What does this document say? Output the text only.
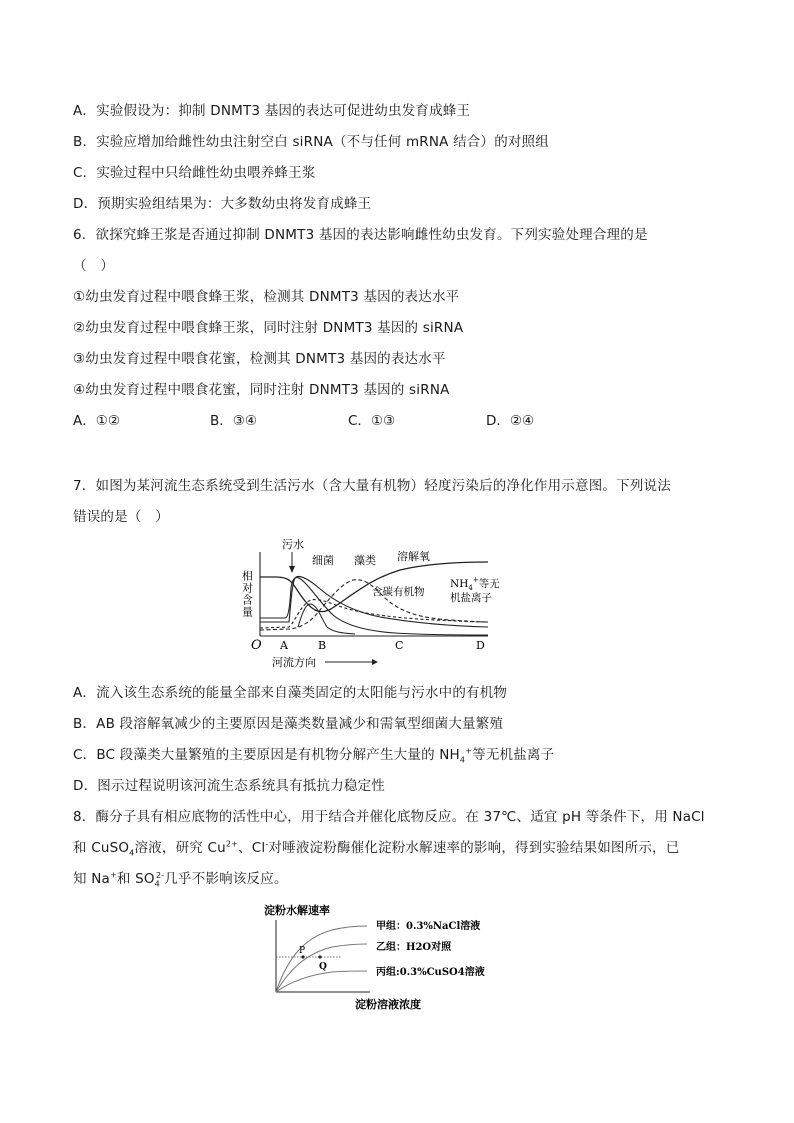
A．实验假设为：抑制 DNMT3 基因的表达可促进幼虫发育成蜂王
B．实验应增加给雌性幼虫注射空白 siRNA（不与任何 mRNA 结合）的对照组
C．实验过程中只给雌性幼虫喂养蜂王浆
D．预期实验组结果为：大多数幼虫将发育成蜂王
6．欲探究蜂王浆是否通过抑制 DNMT3 基因的表达影响雌性幼虫发育。下列实验处理合理的是
（　）
①幼虫发育过程中喂食蜂王浆，检测其 DNMT3 基因的表达水平
②幼虫发育过程中喂食蜂王浆，同时注射 DNMT3 基因的 siRNA
③幼虫发育过程中喂食花蜜，检测其 DNMT3 基因的表达水平
④幼虫发育过程中喂食花蜜，同时注射 DNMT3 基因的 siRNA
A．①②	B．③④	C．①③	D．②④
7．如图为某河流生态系统受到生活污水（含大量有机物）轻度污染后的净化作用示意图。下列说法
错误的是（　）
相对含量
O A	B	C	D
河流方向
污水
细菌 藻类 溶解氧
含碳有机物
$NH_4^+$等无
机盐离子
A．流入该生态系统的能量全部来自藻类固定的太阳能与污水中的有机物
B．AB 段溶解氧减少的主要原因是藻类数量减少和需氧型细菌大量繁殖
C．BC 段藻类大量繁殖的主要原因是有机物分解产生大量的 $NH_4^+$等无机盐离子
D．图示过程说明该河流生态系统具有抵抗力稳定性
8．酶分子具有相应底物的活性中心，用于结合并催化底物反应。在 37℃、适宜 pH 等条件下，用 NaCl
和 CuSO$_4$溶液，研究 $Cu^{2+}$、Cl-对唾液淀粉酶催化淀粉水解速率的影响，得到实验结果如图所示，已
知 Na+和 $SO_4^{2-}$几乎不影响该反应。
淀粉水解速率
P
Q
甲组：0.3%NaCl溶液
乙组：H2O对照
丙组:0.3%CuSO4溶液
淀粉溶液浓度
